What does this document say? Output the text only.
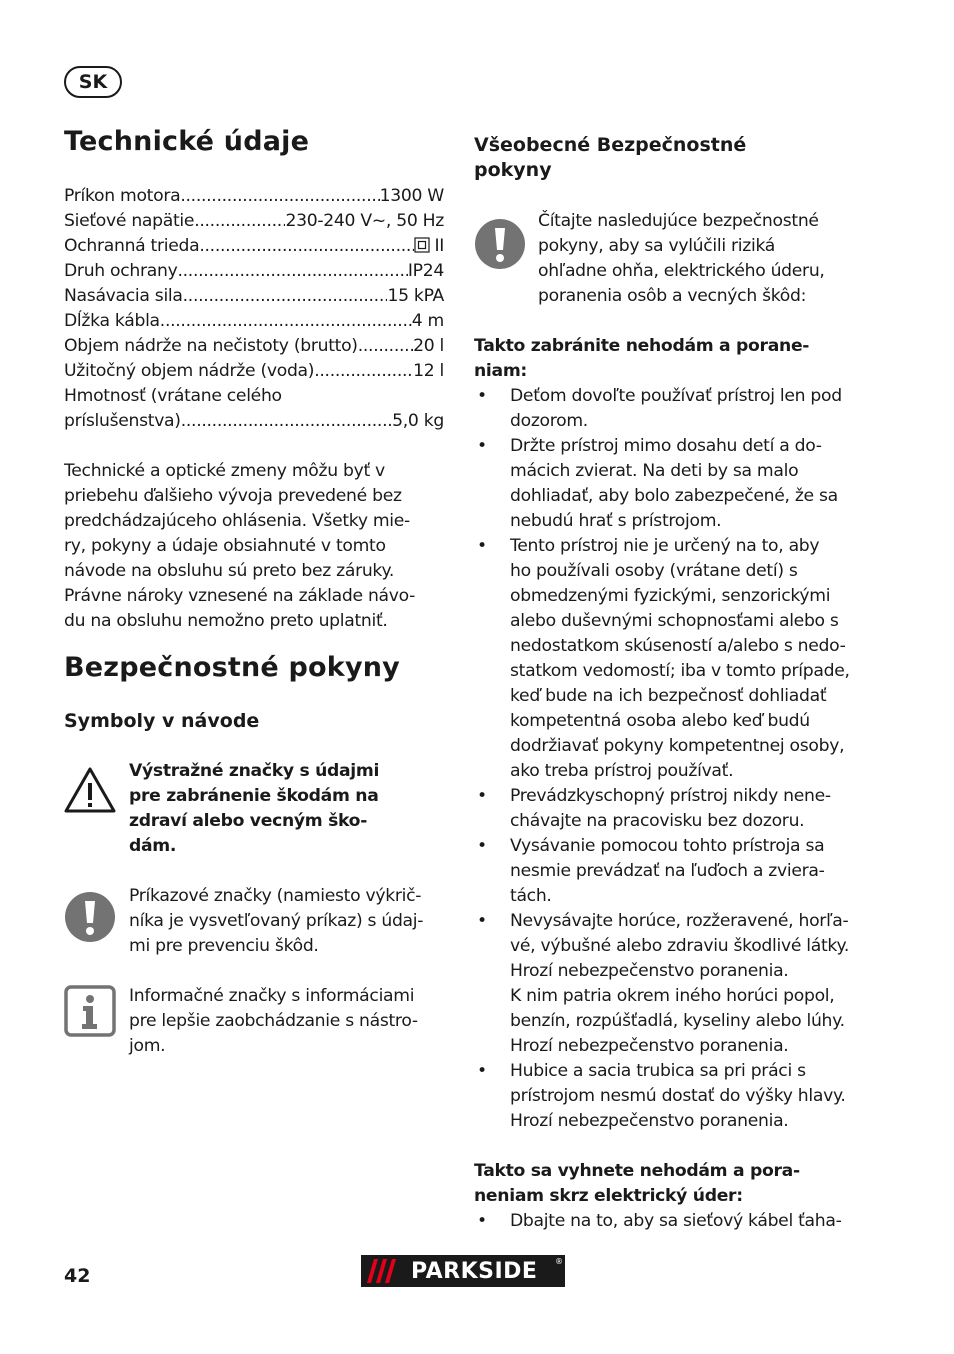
SK
Technické údaje
Príkon motora .....	1300 W
Sieťové napätie .....	230-240 V~, 50 Hz
Ochranná trieda .....	II
Druh ochrany .....	IP24
Nasávacia sila .....	15 kPA
Dĺžka kábla .....	4 m
Objem nádrže na nečistoty (brutto) .....	20 l
Užitočný objem nádrže (voda) .....	12 l
Hmotnosť (vrátane celého
príslušenstva) .....	5,0 kg
Technické a optické zmeny môžu byť v
priebehu ďalšieho vývoja prevedené bez
predchádzajúceho ohlásenia. Všetky mie-
ry, pokyny a údaje obsiahnuté v tomto
návode na obsluhu sú preto bez záruky.
Právne nároky vznesené na základe návo-
du na obsluhu nemožno preto uplatniť.
Bezpečnostné pokyny
Symboly v návode
Výstražné značky s údajmi
pre zabránenie škodám na
zdraví alebo vecným ško-
dám.
Príkazové značky (namiesto výkrič-
níka je vysvetľovaný príkaz) s údaj-
mi pre prevenciu škôd.
Informačné značky s informáciami
pre lepšie zaobchádzanie s nástro-
jom.
Všeobecné Bezpečnostné
pokyny
Čítajte nasledujúce bezpečnostné
pokyny, aby sa vylúčili riziká
ohľadne ohňa, elektrického úderu,
poranenia osôb a vecných škôd:
Takto zabránite nehodám a porane-
niam:
• Deťom dovoľte používať prístroj len pod
dozorom.
• Držte prístroj mimo dosahu detí a do-
mácich zvierat. Na deti by sa malo
dohliadať, aby bolo zabezpečené, že sa
nebudú hrať s prístrojom.
• Tento prístroj nie je určený na to, aby
ho používali osoby (vrátane detí) s
obmedzenými fyzickými, senzorickými
alebo duševnými schopnosťami alebo s
nedostatkom skúseností a/alebo s nedo-
statkom vedomostí; iba v tomto prípade,
keď bude na ich bezpečnosť dohliadať
kompetentná osoba alebo keď budú
dodržiavať pokyny kompetentnej osoby,
ako treba prístroj používať.
• Prevádzkyschopný prístroj nikdy nene-
chávajte na pracovisku bez dozoru.
• Vysávanie pomocou tohto prístroja sa
nesmie prevádzať na ľuďoch a zviera-
tách.
• Nevysávajte horúce, rozžeravené, horľa-
vé, výbušné alebo zdraviu škodlivé látky.
Hrozí nebezpečenstvo poranenia.
K nim patria okrem iného horúci popol,
benzín, rozpúšťadlá, kyseliny alebo lúhy.
Hrozí nebezpečenstvo poranenia.
• Hubice a sacia trubica sa pri práci s
prístrojom nesmú dostať do výšky hlavy.
Hrozí nebezpečenstvo poranenia.
Takto sa vyhnete nehodám a pora-
neniam skrz elektrický úder:
• Dbajte na to, aby sa sieťový kábel ťaha-
42	PARKSIDE ®
